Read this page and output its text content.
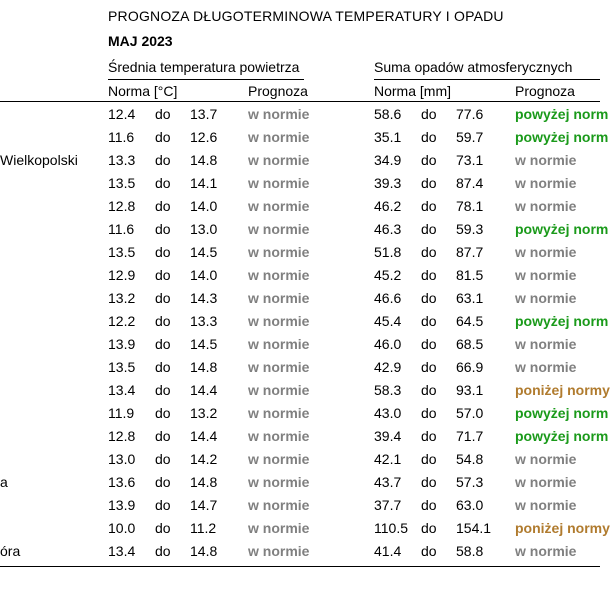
PROGNOZA DŁUGOTERMINOWA TEMPERATURY I OPADU
MAJ 2023
Średnia temperatura powietrza	Suma opadów atmosferycznych
Norma [°C]	Prognoza	Norma [mm]	Prognoza
12.4 do 13.7 w normie	58.6 do 77.6 powyżej norm
11.6 do 12.6 w normie	35.1 do 59.7 powyżej norm
Wielkopolski 13.3 do 14.8 w normie	34.9 do 73.1 w normie
13.5 do 14.1 w normie	39.3 do 87.4 w normie
12.8 do 14.0 w normie	46.2 do 78.1 w normie
11.6 do 13.0 w normie	46.3 do 59.3 powyżej norm
13.5 do 14.5 w normie	51.8 do 87.7 w normie
12.9 do 14.0 w normie	45.2 do 81.5 w normie
13.2 do 14.3 w normie	46.6 do 63.1 w normie
12.2 do 13.3 w normie	45.4 do 64.5 powyżej norm
13.9 do 14.5 w normie	46.0 do 68.5 w normie
13.5 do 14.8 w normie	42.9 do 66.9 w normie
13.4 do 14.4 w normie	58.3 do 93.1 poniżej normy
11.9 do 13.2 w normie	43.0 do 57.0 powyżej norm
12.8 do 14.4 w normie	39.4 do 71.7 powyżej norm
13.0 do 14.2 w normie	42.1 do 54.8 w normie
a	13.6 do 14.8 w normie	43.7 do 57.3 w normie
13.9 do 14.7 w normie	37.7 do 63.0 w normie
10.0 do 11.2 w normie	110.5 do 154.1 poniżej normy
óra	13.4 do 14.8 w normie	41.4 do 58.8 w normie
